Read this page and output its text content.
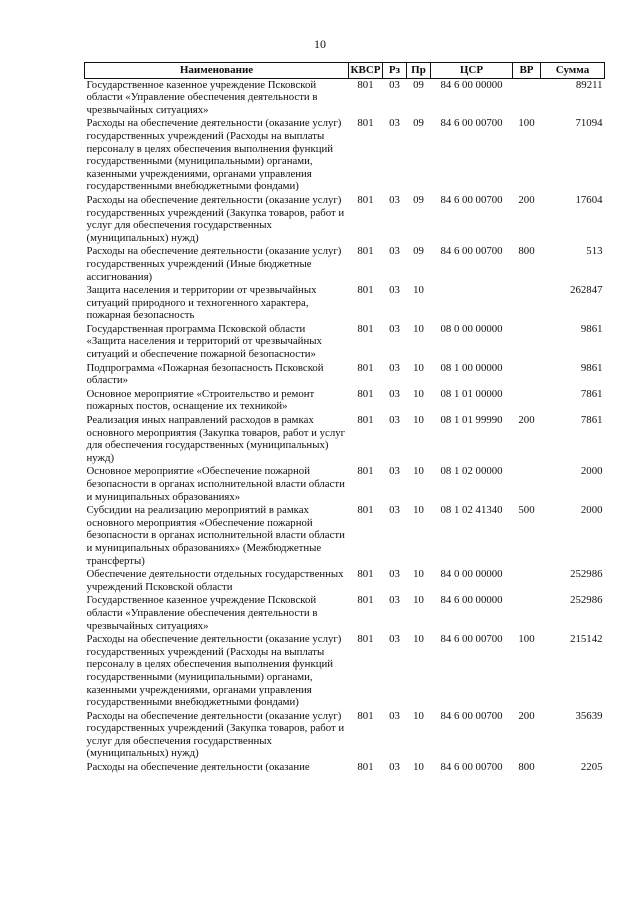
10
Наименование	КВСР	Рз	Пр	ЦСР	ВР	Сумма
Государственное казенное учреждение Псковской области «Управление обеспечения деятельности в чрезвычайных ситуациях»	801	03	09	84 6 00 00000		89211
Расходы на обеспечение деятельности (оказание услуг) государственных учреждений (Расходы на выплаты персоналу в целях обеспечения выполнения функций государственными (муниципальными) органами, казенными учреждениями, органами управления государственными внебюджетными фондами)	801	03	09	84 6 00 00700	100	71094
Расходы на обеспечение деятельности (оказание услуг) государственных учреждений (Закупка товаров, работ и услуг для обеспечения государственных (муниципальных) нужд)	801	03	09	84 6 00 00700	200	17604
Расходы на обеспечение деятельности (оказание услуг) государственных учреждений (Иные бюджетные ассигнования)	801	03	09	84 6 00 00700	800	513
Защита населения и территории от чрезвычайных ситуаций природного и техногенного характера, пожарная безопасность	801	03	10			262847
Государственная программа Псковской области «Защита населения и территорий от чрезвычайных ситуаций и обеспечение пожарной безопасности»	801	03	10	08 0 00 00000		9861
Подпрограмма «Пожарная безопасность Псковской области»	801	03	10	08 1 00 00000		9861
Основное мероприятие «Строительство и ремонт пожарных постов, оснащение их техникой»	801	03	10	08 1 01 00000		7861
Реализация иных направлений расходов в рамках основного мероприятия (Закупка товаров, работ и услуг для обеспечения государственных (муниципальных) нужд)	801	03	10	08 1 01 99990	200	7861
Основное мероприятие «Обеспечение пожарной безопасности в органах исполнительной власти области и муниципальных образованиях»	801	03	10	08 1 02 00000		2000
Субсидии на реализацию мероприятий в рамках основного мероприятия «Обеспечение пожарной безопасности в органах исполнительной власти области и муниципальных образованиях» (Межбюджетные трансферты)	801	03	10	08 1 02 41340	500	2000
Обеспечение деятельности отдельных государственных учреждений Псковской области	801	03	10	84 0 00 00000		252986
Государственное казенное учреждение Псковской области «Управление обеспечения деятельности в чрезвычайных ситуациях»	801	03	10	84 6 00 00000		252986
Расходы на обеспечение деятельности (оказание услуг) государственных учреждений (Расходы на выплаты персоналу в целях обеспечения выполнения функций государственными (муниципальными) органами, казенными учреждениями, органами управления государственными внебюджетными фондами)	801	03	10	84 6 00 00700	100	215142
Расходы на обеспечение деятельности (оказание услуг) государственных учреждений (Закупка товаров, работ и услуг для обеспечения государственных (муниципальных) нужд)	801	03	10	84 6 00 00700	200	35639
Расходы на обеспечение деятельности (оказание	801	03	10	84 6 00 00700	800	2205
